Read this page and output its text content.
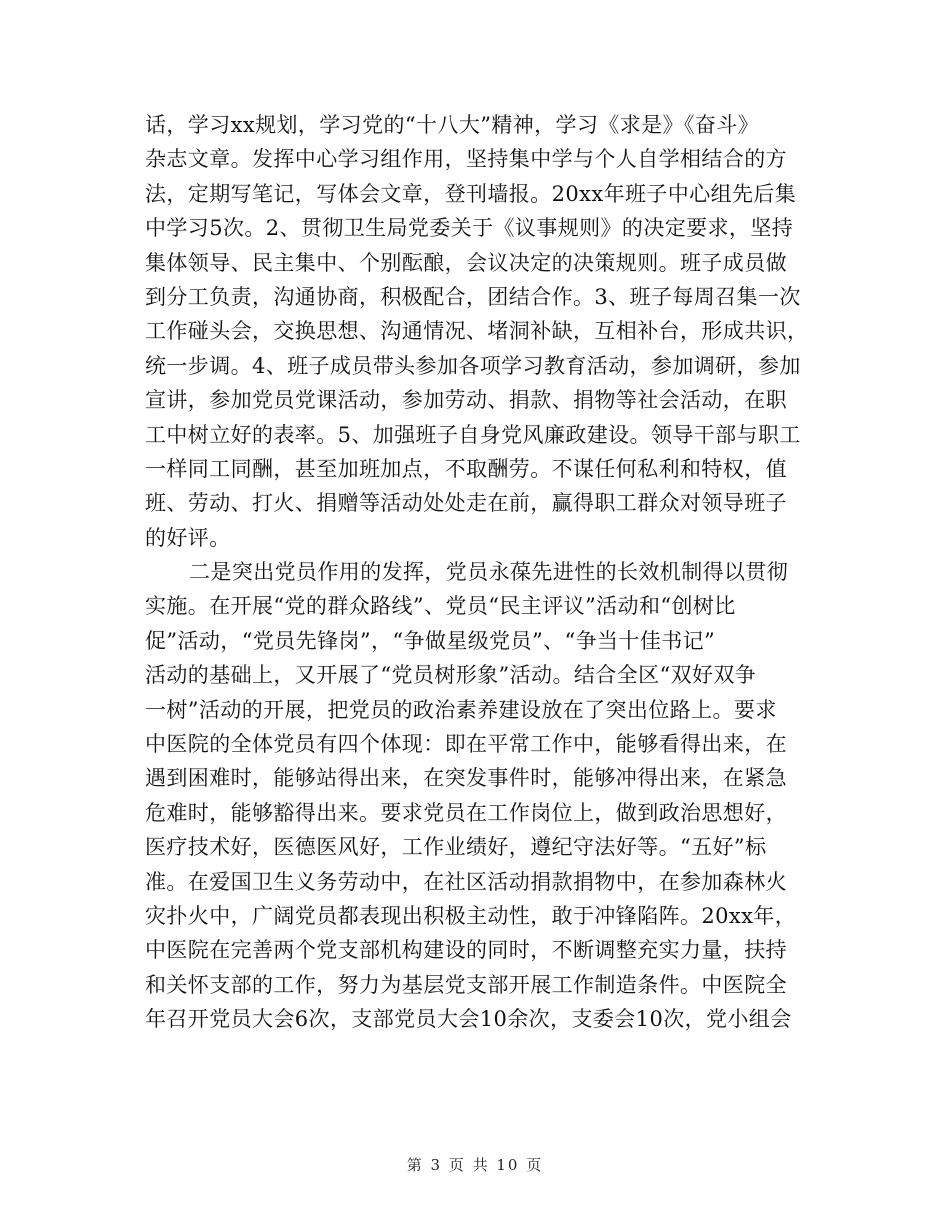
话，学习xx规划，学习党的“十八大”精神，学习《求是》《奋斗》
杂志文章。发挥中心学习组作用，坚持集中学与个人自学相结合的方
法，定期写笔记，写体会文章，登刊墙报。20xx年班子中心组先后集
中学习5次。2、贯彻卫生局党委关于《议事规则》的决定要求，坚持
集体领导、民主集中、个别酝酿，会议决定的决策规则。班子成员做
到分工负责，沟通协商，积极配合，团结合作。3、班子每周召集一次
工作碰头会，交换思想、沟通情况、堵洞补缺，互相补台，形成共识，
统一步调。4、班子成员带头参加各项学习教育活动，参加调研，参加
宣讲，参加党员党课活动，参加劳动、捐款、捐物等社会活动，在职
工中树立好的表率。5、加强班子自身党风廉政建设。领导干部与职工
一样同工同酬，甚至加班加点，不取酬劳。不谋任何私利和特权，值
班、劳动、打火、捐赠等活动处处走在前，赢得职工群众对领导班子
的好评。
二是突出党员作用的发挥，党员永葆先进性的长效机制得以贯彻
实施。在开展“党的群众路线”、党员“民主评议”活动和“创树比
促”活动，“党员先锋岗”，“争做星级党员”、“争当十佳书记”
活动的基础上，又开展了“党员树形象”活动。结合全区“双好双争
一树”活动的开展，把党员的政治素养建设放在了突出位路上。要求
中医院的全体党员有四个体现：即在平常工作中，能够看得出来，在
遇到困难时，能够站得出来，在突发事件时，能够冲得出来，在紧急
危难时，能够豁得出来。要求党员在工作岗位上，做到政治思想好，
医疗技术好，医德医风好，工作业绩好，遵纪守法好等。“五好”标
准。在爱国卫生义务劳动中，在社区活动捐款捐物中，在参加森林火
灾扑火中，广阔党员都表现出积极主动性，敢于冲锋陷阵。20xx年，
中医院在完善两个党支部机构建设的同时，不断调整充实力量，扶持
和关怀支部的工作，努力为基层党支部开展工作制造条件。中医院全
年召开党员大会6次，支部党员大会10余次，支委会10次，党小组会
第 3 页 共 10 页
